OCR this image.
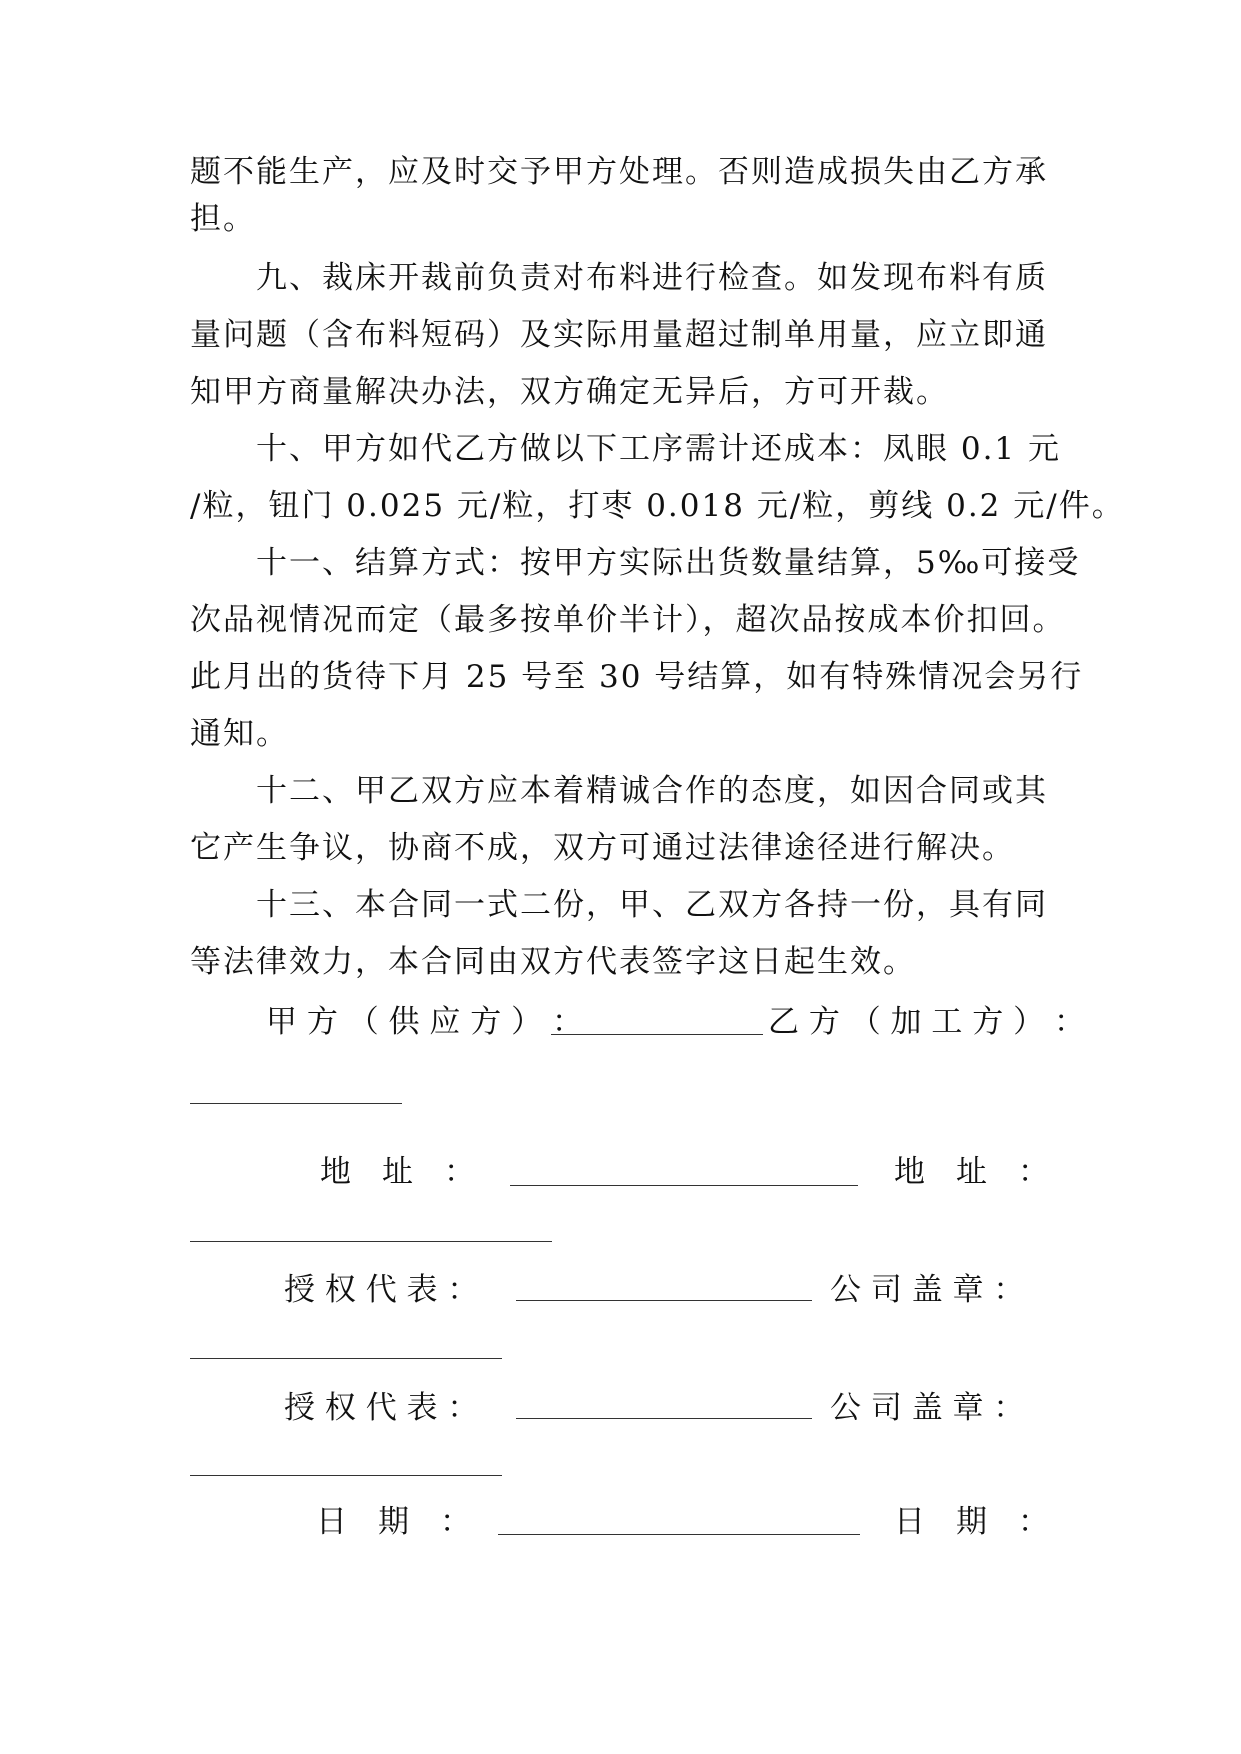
题不能生产，应及时交予甲方处理。否则造成损失由乙方承
担。
九、裁床开裁前负责对布料进行检查。如发现布料有质
量问题（含布料短码）及实际用量超过制单用量，应立即通
知甲方商量解决办法，双方确定无异后，方可开裁。
十、甲方如代乙方做以下工序需计还成本：凤眼 0.1 元
/粒，钮门 0.025 元/粒，打枣 0.018 元/粒，剪线 0.2 元/件。
十一、结算方式：按甲方实际出货数量结算，5‰可接受
次品视情况而定（最多按单价半计），超次品按成本价扣回。
此月出的货待下月 25 号至 30 号结算，如有特殊情况会另行
通知。
十二、甲乙双方应本着精诚合作的态度，如因合同或其
它产生争议，协商不成，双方可通过法律途径进行解决。
十三、本合同一式二份，甲、乙双方各持一份，具有同
等法律效力，本合同由双方代表签字这日起生效。
甲 方 （ 供 应 方 ） ：	乙 方 （ 加 工 方 ） ：
地　址　：	地　址　：
授 权 代 表 ：	公 司 盖 章 ：
授 权 代 表 ：	公 司 盖 章 ：
日　期　：	日　期　：
